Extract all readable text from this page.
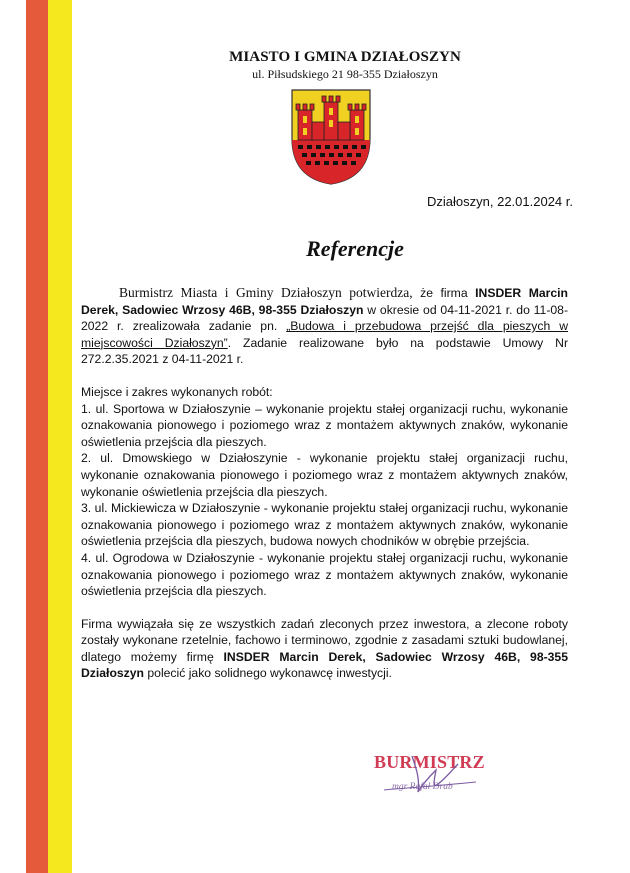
MIASTO I GMINA DZIAŁOSZYN
ul. Piłsudskiego 21 98-355 Działoszyn
Działoszyn, 22.01.2024 r.
Referencje

Burmistrz Miasta i Gminy Działoszyn potwierdza, że firma INSDER Marcin Derek, Sadowiec Wrzosy 46B, 98-355 Działoszyn w okresie od 04-11-2021 r. do 11-08-2022 r. zrealizowała zadanie pn. „Budowa i przebudowa przejść dla pieszych w miejscowości Działoszyn”. Zadanie realizowane było na podstawie Umowy Nr 272.2.35.2021 z 04-11-2021 r.

Miejsce i zakres wykonanych robót:

1. ul. Sportowa w Działoszynie – wykonanie projektu stałej organizacji ruchu, wykonanie oznakowania pionowego i poziomego wraz z montażem aktywnych znaków, wykonanie oświetlenia przejścia dla pieszych.

2. ul. Dmowskiego w Działoszynie - wykonanie projektu stałej organizacji ruchu, wykonanie oznakowania pionowego i poziomego wraz z montażem aktywnych znaków, wykonanie oświetlenia przejścia dla pieszych.

3. ul. Mickiewicza w Działoszynie - wykonanie projektu stałej organizacji ruchu, wykonanie oznakowania pionowego i poziomego wraz z montażem aktywnych znaków, wykonanie oświetlenia przejścia dla pieszych, budowa nowych chodników w obrębie przejścia.

4. ul. Ogrodowa w Działoszynie - wykonanie projektu stałej organizacji ruchu, wykonanie oznakowania pionowego i poziomego wraz z montażem aktywnych znaków, wykonanie oświetlenia przejścia dla pieszych.

Firma wywiązała się ze wszystkich zadań zleconych przez inwestora, a zlecone roboty zostały wykonane rzetelnie, fachowo i terminowo, zgodnie z zasadami sztuki budowlanej, dlatego możemy firmę INSDER Marcin Derek, Sadowiec Wrzosy 46B, 98-355 Działoszyn polecić jako solidnego wykonawcę inwestycji.

BURMISTRZ
mgr Rafał Drab
